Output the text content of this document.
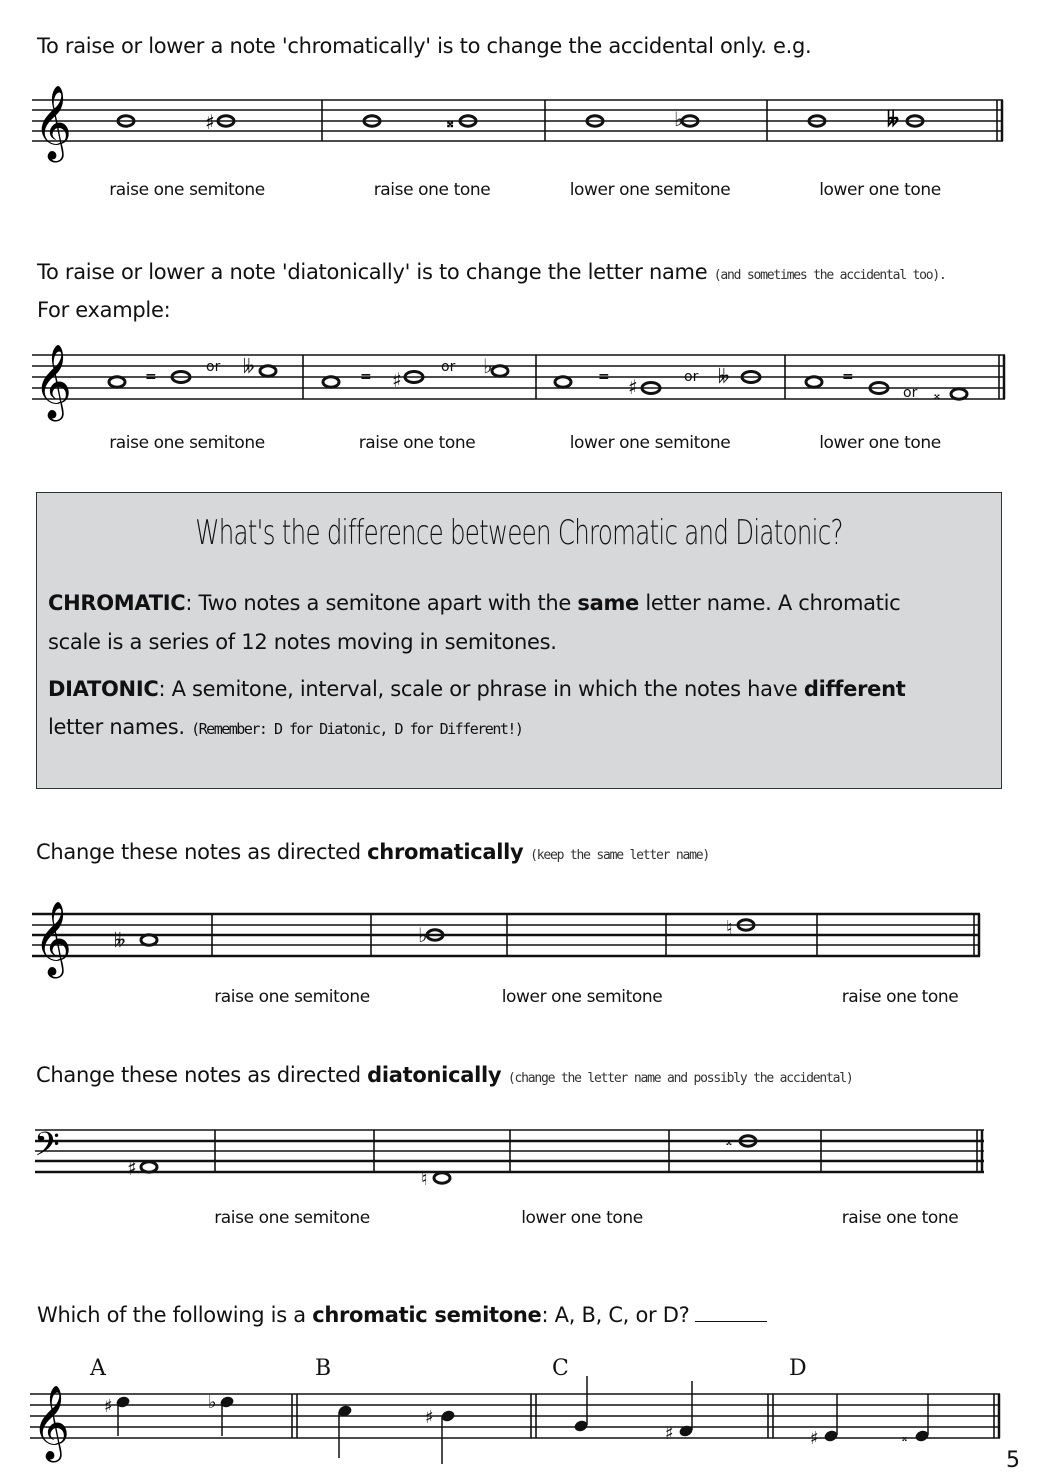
To raise or lower a note 'chromatically' is to change the accidental only. e.g.
𝄞	♯	𝄪	♭	𝄫
raise one semitone	raise one tone	lower one semitone	lower one tone
To raise or lower a note 'diatonically' is to change the letter name (and sometimes the accidental too).
For example:
𝄞	=
or 𝄫	= ♯
or ♭	= ♯	or 𝄫	=
or 𝄪
raise one semitone	raise one tone	lower one semitone	lower one tone
What's the difference between Chromatic and Diatonic?
CHROMATIC: Two notes a semitone apart with the same letter name. A chromatic
scale is a series of 12 notes moving in semitones.
DIATONIC: A semitone, interval, scale or phrase in which the notes have different
letter names. (Remember: D for Diatonic, D for Different!)
Change these notes as directed chromatically (keep the same letter name)
𝄞 𝄫	♭	♮
raise one semitone	lower one semitone	raise one tone
Change these notes as directed diatonically (change the letter name and possibly the accidental)
𝄢	♯	♮
𝄪
raise one semitone	lower one tone	raise one tone
Which of the following is a chromatic semitone: A, B, C, or D?
A	B	C	D
𝄞 ♯	♭
♯
♯	♯	𝄪
5
